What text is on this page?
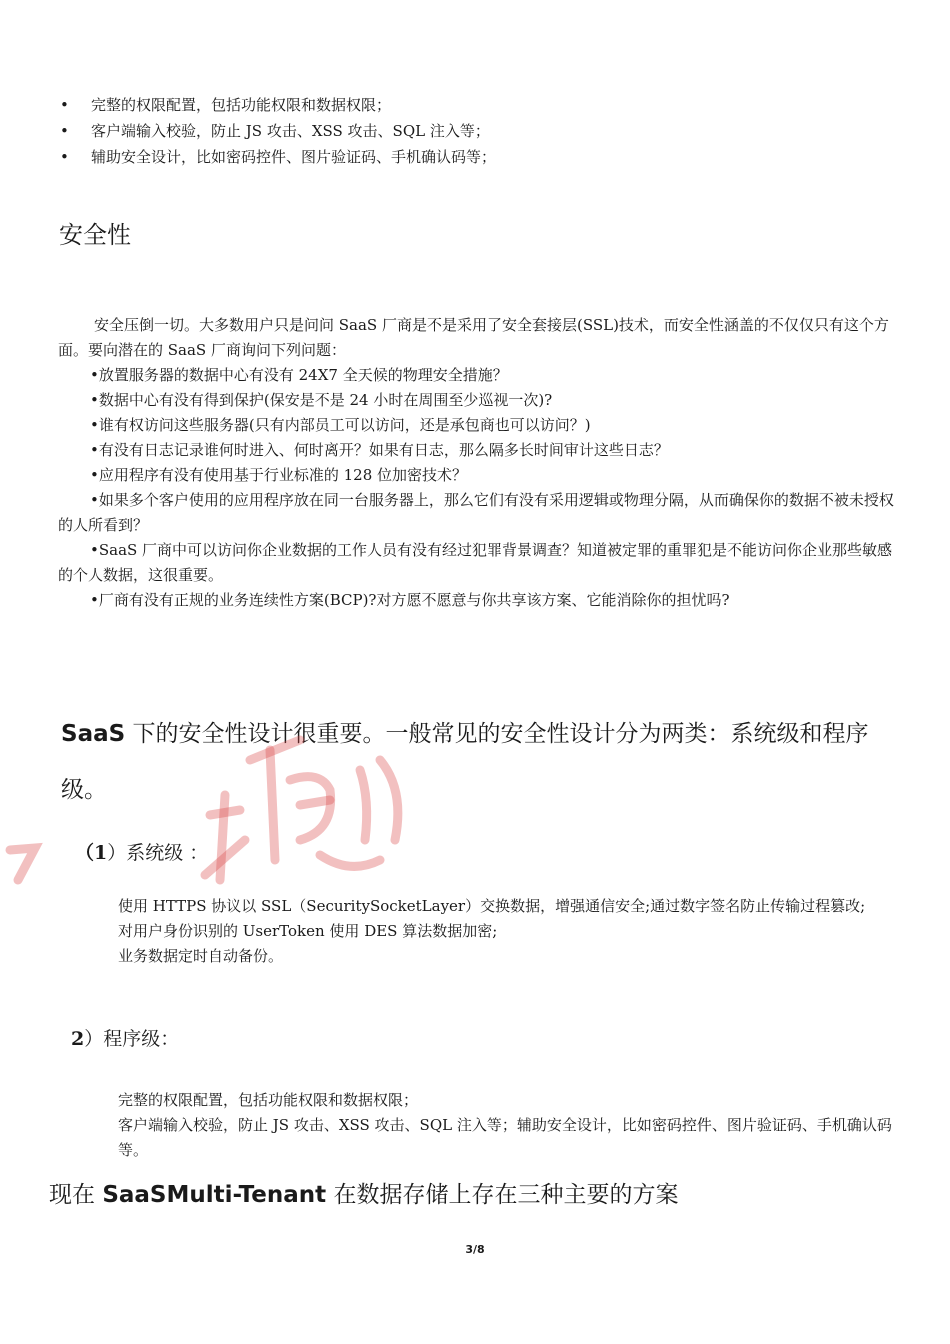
• 完整的权限配置，包括功能权限和数据权限；
• 客户端输入校验，防止 JS 攻击、XSS 攻击、SQL 注入等；
• 辅助安全设计，比如密码控件、图片验证码、手机确认码等；
安全性
安全压倒一切。大多数用户只是问问 SaaS 厂商是不是采用了安全套接层(SSL)技术，而安全性涵盖的不仅仅只有这个方面。要向潜在的 SaaS 厂商询问下列问题：
•放置服务器的数据中心有没有 24X7 全天候的物理安全措施？
•数据中心有没有得到保护(保安是不是 24 小时在周围至少巡视一次)?
•谁有权访问这些服务器(只有内部员工可以访问，还是承包商也可以访问？)
•有没有日志记录谁何时进入、何时离开？如果有日志，那么隔多长时间审计这些日志？
•应用程序有没有使用基于行业标准的 128 位加密技术？
•如果多个客户使用的应用程序放在同一台服务器上，那么它们有没有采用逻辑或物理分隔，从而确保你的数据不被未授权的人所看到？
•SaaS 厂商中可以访问你企业数据的工作人员有没有经过犯罪背景调查？知道被定罪的重罪犯是不能访问你企业那些敏感的个人数据，这很重要。
•厂商有没有正规的业务连续性方案(BCP)?对方愿不愿意与你共享该方案、它能消除你的担忧吗?
SaaS 下的安全性设计很重要。一般常见的安全性设计分为两类：系统级和程序级。
（1）系统级 ：
使用 HTTPS 协议以 SSL（SecuritySocketLayer）交换数据，增强通信安全;通过数字签名防止传输过程篡改;
对用户身份识别的 UserToken 使用 DES 算法数据加密;
业务数据定时自动备份。
2）程序级：
完整的权限配置，包括功能权限和数据权限；
客户端输入校验，防止 JS 攻击、XSS 攻击、SQL 注入等；辅助安全设计，比如密码控件、图片验证码、手机确认码等。
现在 SaaSMulti-Tenant 在数据存储上存在三种主要的方案
3/8
